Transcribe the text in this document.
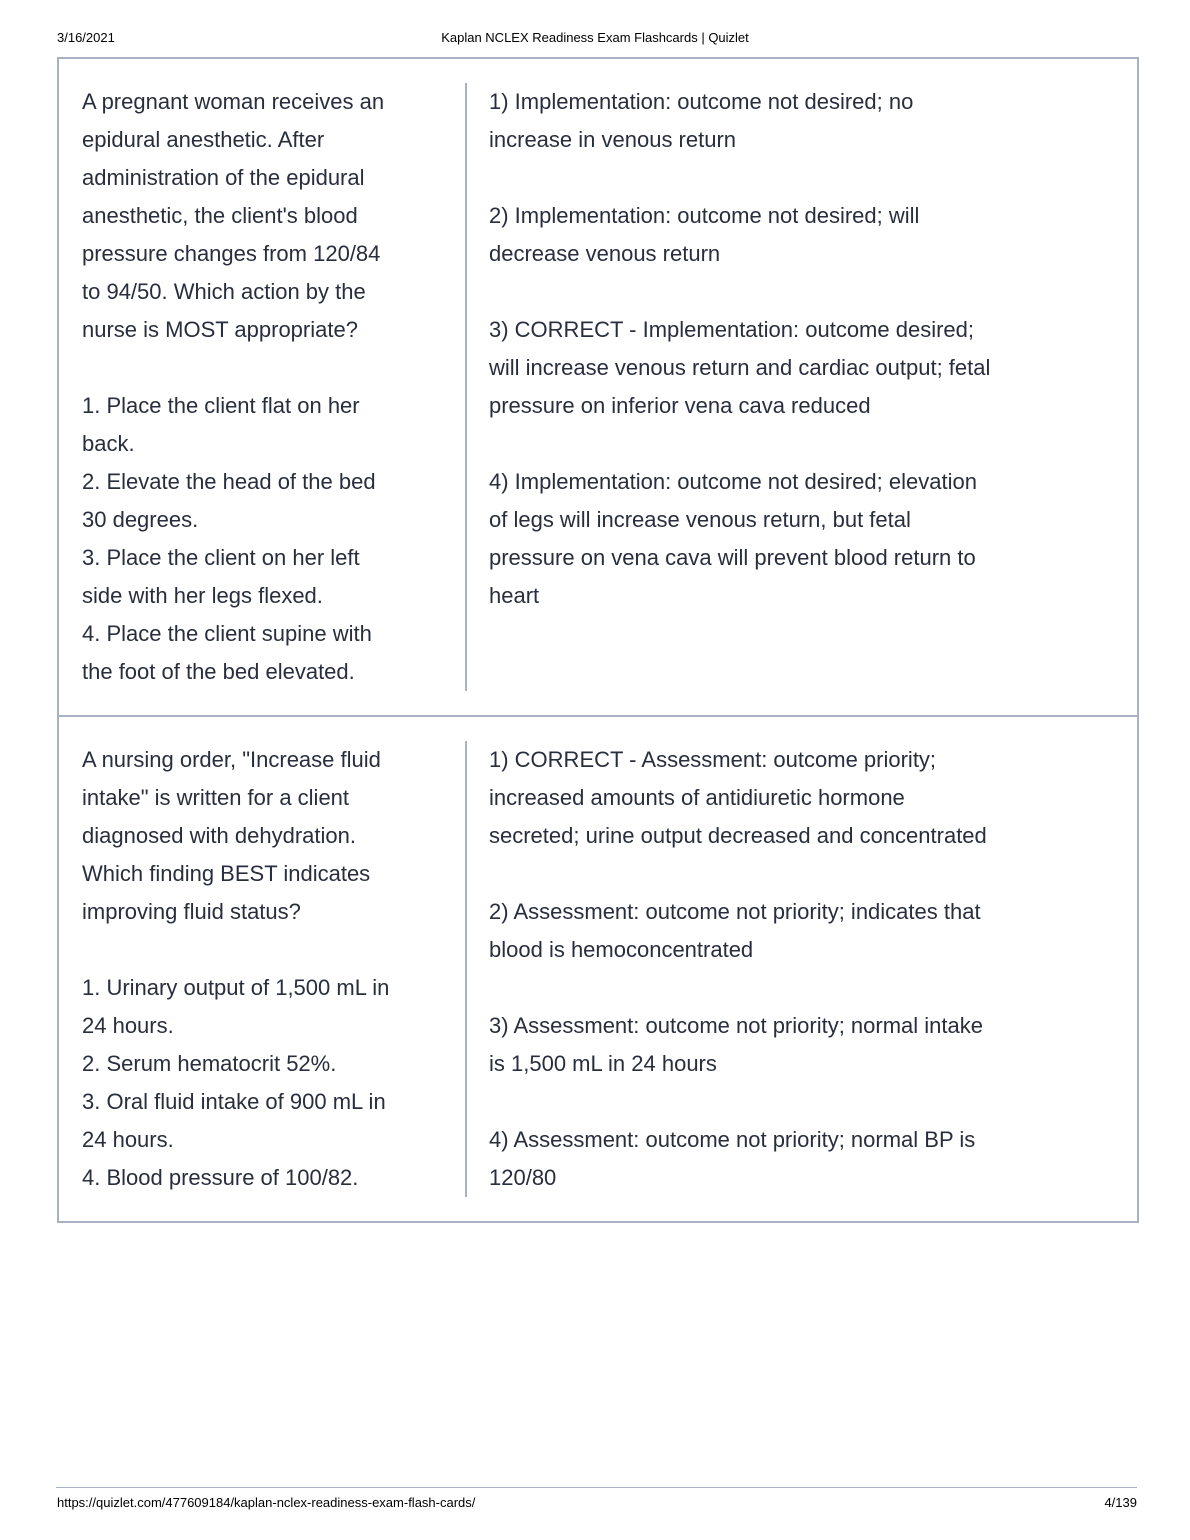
3/16/2021	Kaplan NCLEX Readiness Exam Flashcards | Quizlet
A pregnant woman receives an
epidural anesthetic. After
administration of the epidural
anesthetic, the client's blood
pressure changes from 120/84
to 94/50. Which action by the
nurse is MOST appropriate?
1. Place the client flat on her
back.
2. Elevate the head of the bed
30 degrees.
3. Place the client on her left
side with her legs flexed.
4. Place the client supine with
the foot of the bed elevated.
1) Implementation: outcome not desired; no
increase in venous return
2) Implementation: outcome not desired; will
decrease venous return
3) CORRECT - Implementation: outcome desired;
will increase venous return and cardiac output; fetal
pressure on inferior vena cava reduced
4) Implementation: outcome not desired; elevation
of legs will increase venous return, but fetal
pressure on vena cava will prevent blood return to
heart
A nursing order, "Increase fluid
intake" is written for a client
diagnosed with dehydration.
Which finding BEST indicates
improving fluid status?
1. Urinary output of 1,500 mL in
24 hours.
2. Serum hematocrit 52%.
3. Oral fluid intake of 900 mL in
24 hours.
4. Blood pressure of 100/82.
1) CORRECT - Assessment: outcome priority;
increased amounts of antidiuretic hormone
secreted; urine output decreased and concentrated
2) Assessment: outcome not priority; indicates that
blood is hemoconcentrated
3) Assessment: outcome not priority; normal intake
is 1,500 mL in 24 hours
4) Assessment: outcome not priority; normal BP is
120/80
https://quizlet.com/477609184/kaplan-nclex-readiness-exam-flash-cards/	4/139
